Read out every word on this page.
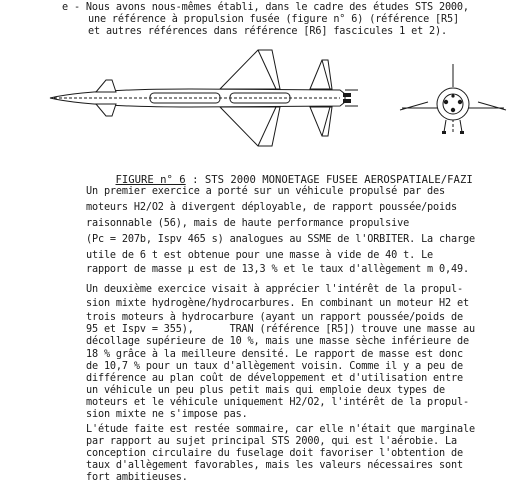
e - Nous avons nous-mêmes établi, dans le cadre des études STS 2000,
une référence à propulsion fusée (figure n° 6) (référence [R5]
et autres références dans référence [R6] fascicules 1 et 2).

FIGURE n° 6 : STS 2000 MONOETAGE FUSEE AEROSPATIALE/FAZI

Un premier exercice a porté sur un véhicule propulsé par des
moteurs H2/O2 à divergent déployable, de rapport poussée/poids
raisonnable (56), mais de haute performance propulsive
(Pc = 207b, Ispv 465 s) analogues au SSME de l'ORBITER. La charge
utile de 6 t est obtenue pour une masse à vide de 40 t. Le
rapport de masse μ est de 13,3 % et le taux d'allègement m 0,49.
Un deuxième exercice visait à apprécier l'intérêt de la propul-
sion mixte hydrogène/hydrocarbures. En combinant un moteur H2 et
trois moteurs à hydrocarbure (ayant un rapport poussée/poids de
95 et Ispv = 355),      TRAN (référence [R5]) trouve une masse au
décollage supérieure de 10 %, mais une masse sèche inférieure de
18 % grâce à la meilleure densité. Le rapport de masse est donc
de 10,7 % pour un taux d'allègement voisin. Comme il y a peu de
différence au plan coût de développement et d'utilisation entre
un véhicule un peu plus petit mais qui emploie deux types de
moteurs et le véhicule uniquement H2/O2, l'intérêt de la propul-
sion mixte ne s'impose pas.
L'étude faite est restée sommaire, car elle n'était que marginale
par rapport au sujet principal STS 2000, qui est l'aérobie. La
conception circulaire du fuselage doit favoriser l'obtention de
taux d'allègement favorables, mais les valeurs nécessaires sont
fort ambitieuses.
